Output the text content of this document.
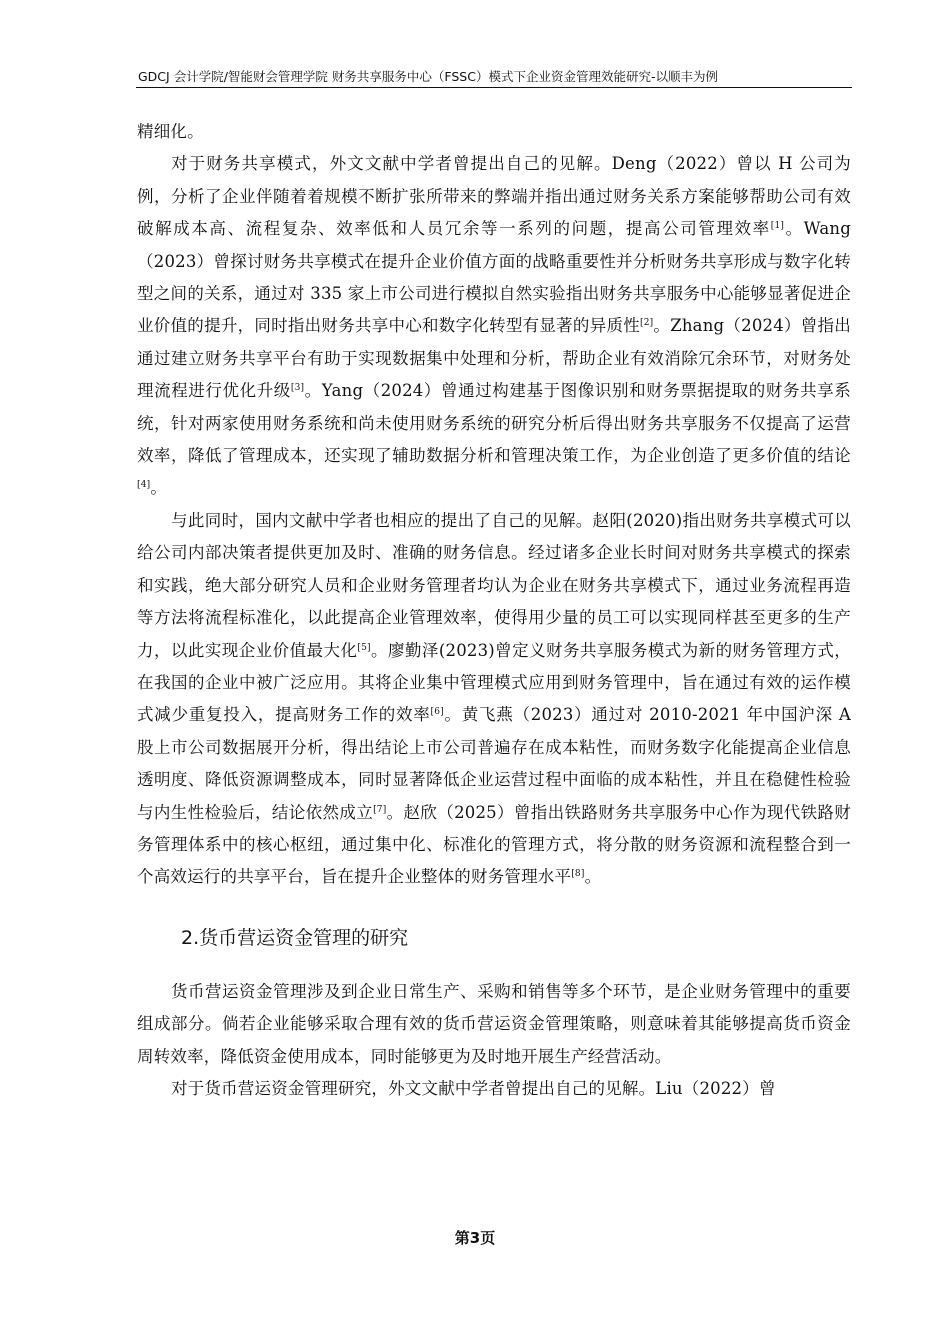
GDCJ 会计学院/智能财会管理学院 财务共享服务中心（FSSC）模式下企业资金管理效能研究-以顺丰为例

精细化。

对于财务共享模式，外文文献中学者曾提出自己的见解。Deng（2022）曾以 H 公司为例，分析了企业伴随着着规模不断扩张所带来的弊端并指出通过财务关系方案能够帮助公司有效破解成本高、流程复杂、效率低和人员冗余等一系列的问题，提高公司管理效率[1]。Wang（2023）曾探讨财务共享模式在提升企业价值方面的战略重要性并分析财务共享形成与数字化转型之间的关系，通过对 335 家上市公司进行模拟自然实验指出财务共享服务中心能够显著促进企业价值的提升，同时指出财务共享中心和数字化转型有显著的异质性[2]。Zhang（2024）曾指出通过建立财务共享平台有助于实现数据集中处理和分析，帮助企业有效消除冗余环节，对财务处理流程进行优化升级[3]。Yang（2024）曾通过构建基于图像识别和财务票据提取的财务共享系统，针对两家使用财务系统和尚未使用财务系统的研究分析后得出财务共享服务不仅提高了运营效率，降低了管理成本，还实现了辅助数据分析和管理决策工作，为企业创造了更多价值的结论[4]。

与此同时，国内文献中学者也相应的提出了自己的见解。赵阳(2020)指出财务共享模式可以给公司内部决策者提供更加及时、准确的财务信息。经过诸多企业长时间对财务共享模式的探索和实践，绝大部分研究人员和企业财务管理者均认为企业在财务共享模式下，通过业务流程再造等方法将流程标准化，以此提高企业管理效率，使得用少量的员工可以实现同样甚至更多的生产力，以此实现企业价值最大化[5]。廖勤泽(2023)曾定义财务共享服务模式为新的财务管理方式，在我国的企业中被广泛应用。其将企业集中管理模式应用到财务管理中，旨在通过有效的运作模式减少重复投入，提高财务工作的效率[6]。黄飞燕（2023）通过对 2010-2021 年中国沪深 A 股上市公司数据展开分析，得出结论上市公司普遍存在成本粘性，而财务数字化能提高企业信息透明度、降低资源调整成本，同时显著降低企业运营过程中面临的成本粘性，并且在稳健性检验与内生性检验后，结论依然成立[7]。赵欣（2025）曾指出铁路财务共享服务中心作为现代铁路财务管理体系中的核心枢纽，通过集中化、标准化的管理方式，将分散的财务资源和流程整合到一个高效运行的共享平台，旨在提升企业整体的财务管理水平[8]。

2.货币营运资金管理的研究

货币营运资金管理涉及到企业日常生产、采购和销售等多个环节，是企业财务管理中的重要组成部分。倘若企业能够采取合理有效的货币营运资金管理策略，则意味着其能够提高货币资金周转效率，降低资金使用成本，同时能够更为及时地开展生产经营活动。

对于货币营运资金管理研究，外文文献中学者曾提出自己的见解。Liu（2022）曾

第3页
